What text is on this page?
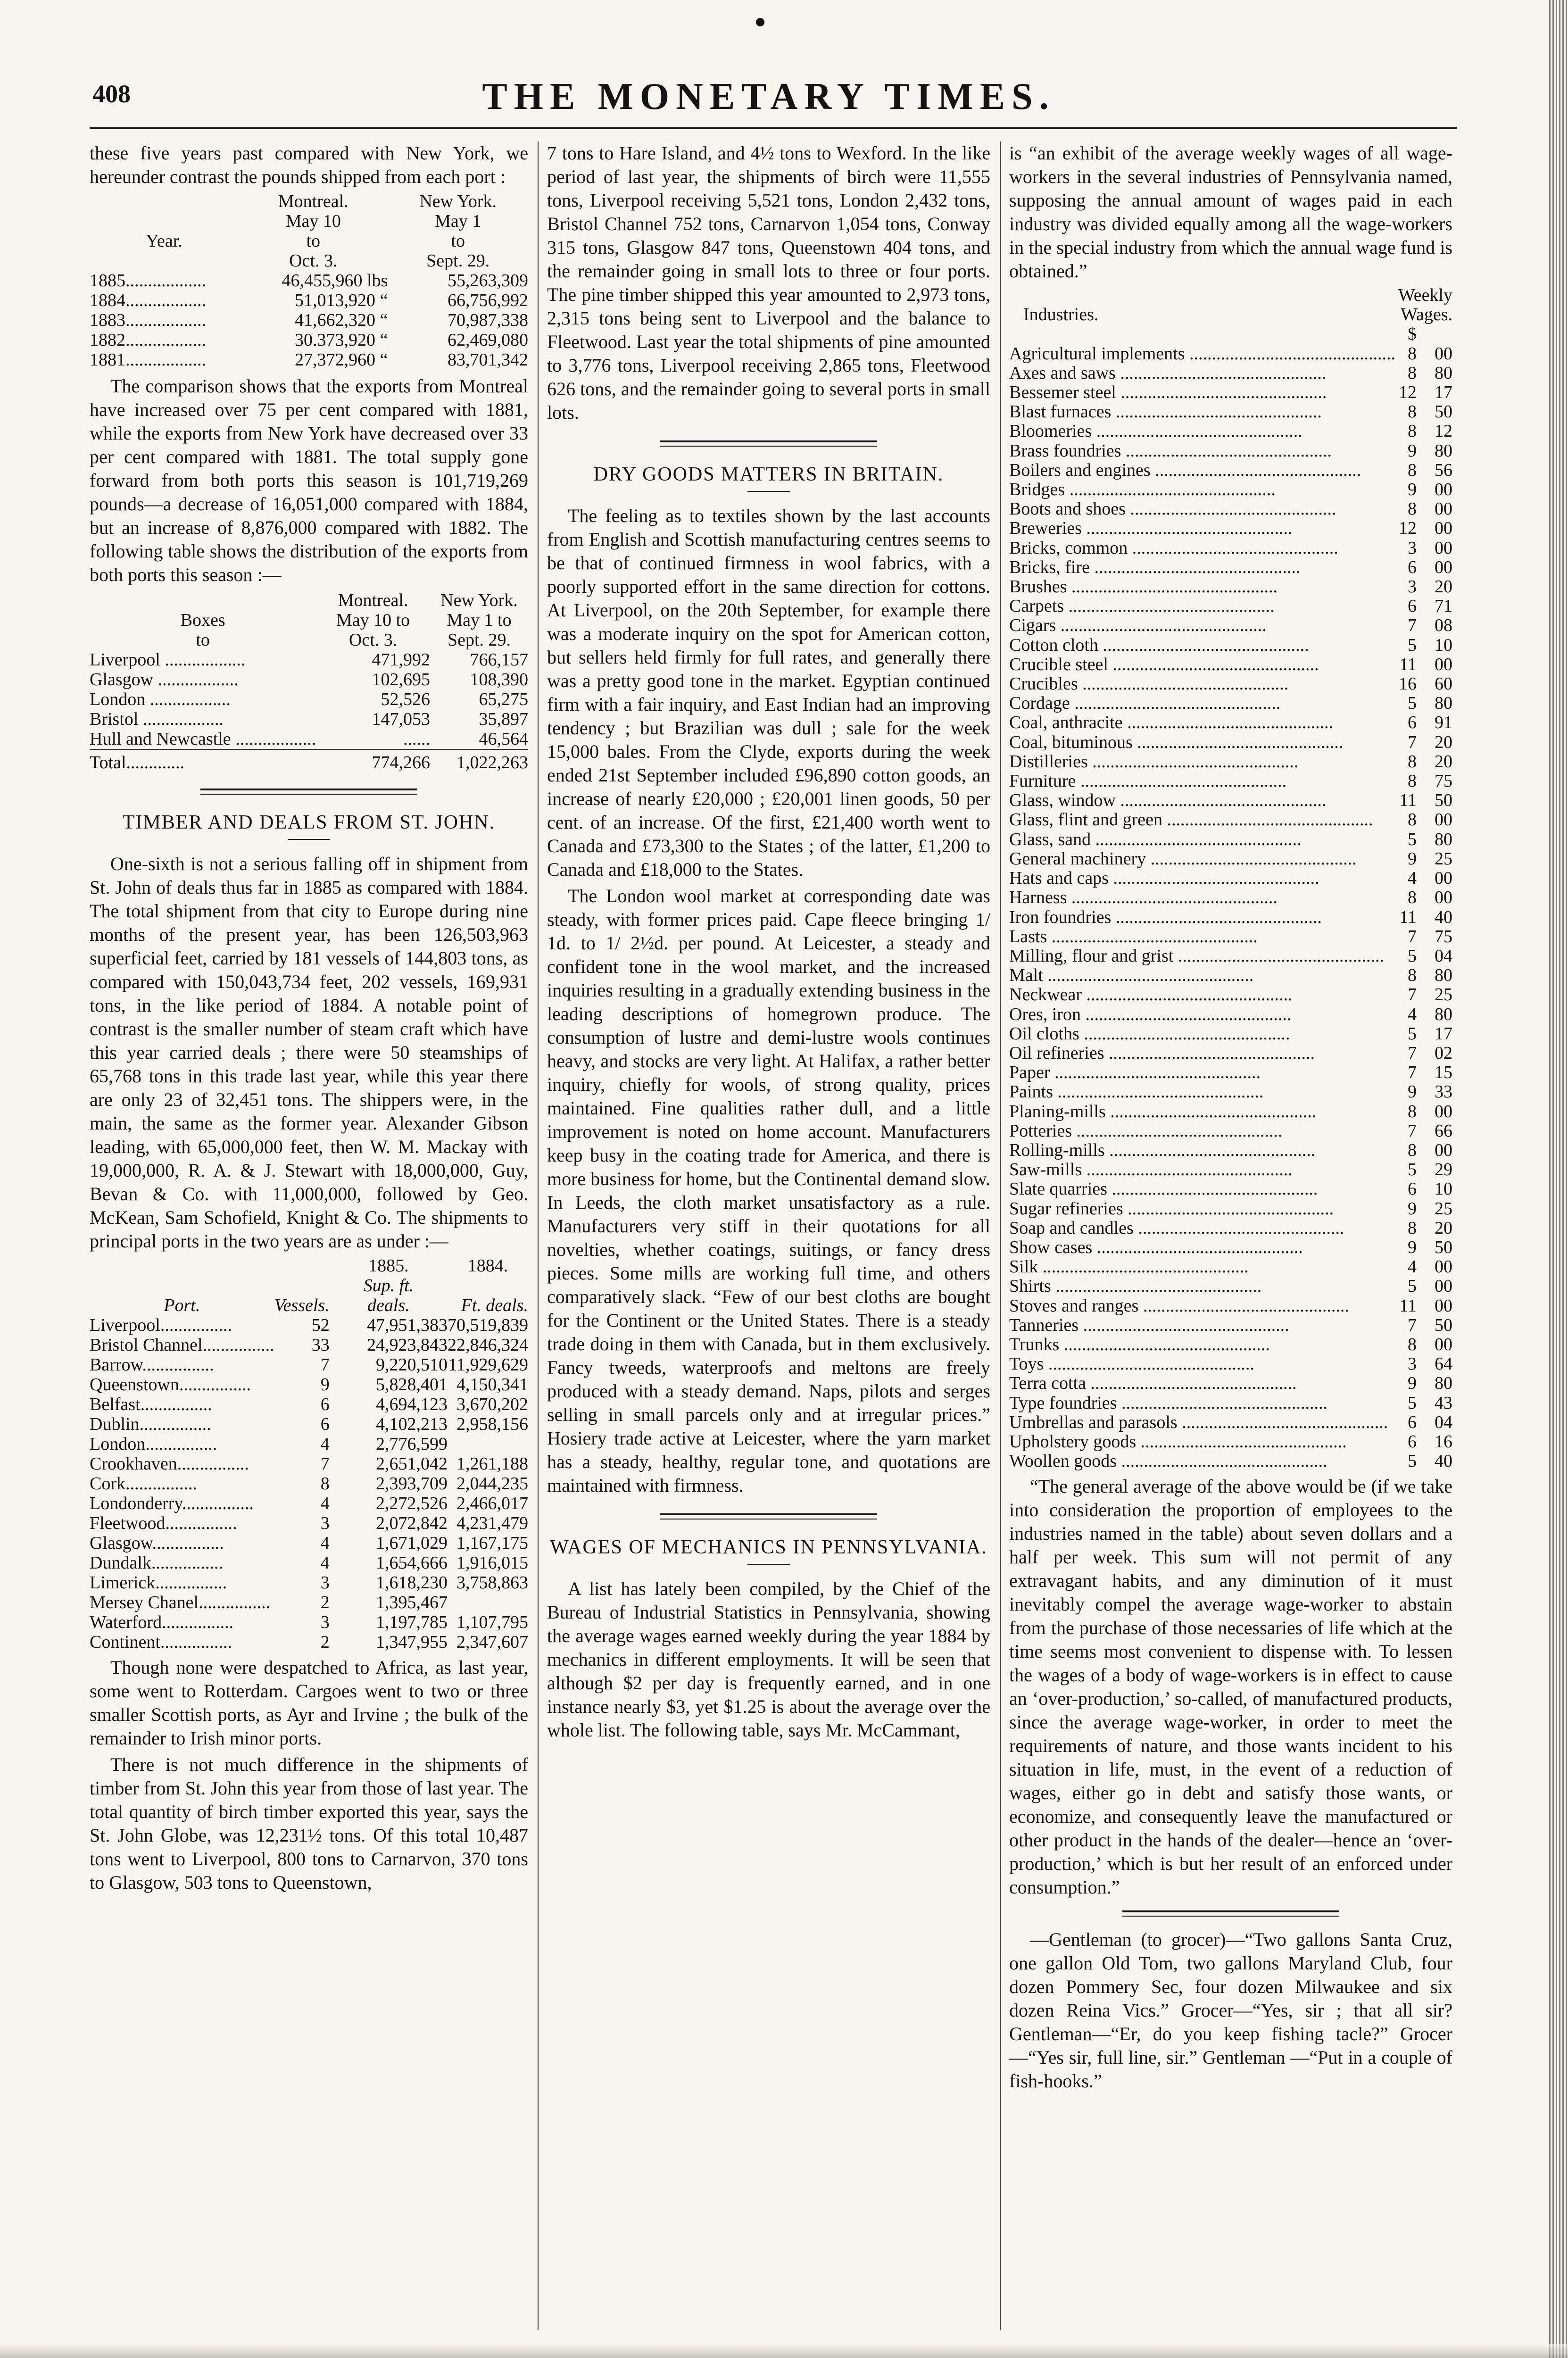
408	THE MONETARY TIMES.

these five years past compared with New York, we hereunder contrast the pounds shipped from each port :

	Montreal.	New York.
	May 10	May 1
Year.	to	to
	Oct. 3.	Sept. 29.
1885..................	46,455,960 lbs	55,263,309
1884..................	51,013,920 “	66,756,992
1883..................	41,662,320 “	70,987,338
1882..................	30.373,920 “	62,469,080
1881..................	27,372,960 “	83,701,342

The comparison shows that the exports from Montreal have increased over 75 per cent compared with 1881, while the exports from New York have decreased over 33 per cent compared with 1881. The total supply gone forward from both ports this season is 101,719,269 pounds—a decrease of 16,051,000 compared with 1884, but an increase of 8,876,000 compared with 1882. The following table shows the distribution of the exports from both ports this season :—

	Montreal.	New York.
Boxes	May 10 to	May 1 to
to	Oct. 3.	Sept. 29.
Liverpool ..................	471,992	766,157
Glasgow ..................	102,695	108,390
London ..................	52,526	65,275
Bristol ..................	147,053	35,897
Hull and Newcastle ..................	......	46,564

Total.............	774,266	1,022,263
TIMBER AND DEALS FROM ST. JOHN.

One-sixth is not a serious falling off in shipment from St. John of deals thus far in 1885 as compared with 1884. The total shipment from that city to Europe during nine months of the present year, has been 126,503,963 superficial feet, carried by 181 vessels of 144,803 tons, as compared with 150,043,734 feet, 202 vessels, 169,931 tons, in the like period of 1884. A notable point of contrast is the smaller number of steam craft which have this year carried deals ; there were 50 steamships of 65,768 tons in this trade last year, while this year there are only 23 of 32,451 tons. The shippers were, in the main, the same as the former year. Alexander Gibson leading, with 65,000,000 feet, then W. M. Mackay with 19,000,000, R. A. & J. Stewart with 18,000,000, Guy, Bevan & Co. with 11,000,000, followed by Geo. McKean, Sam Schofield, Knight & Co. The shipments to principal ports in the two years are as under :—

		1885.	1884.
		Sup. ft.	
Port.	Vessels.	deals.	Ft. deals.
Liverpool................	52	47,951,383	70,519,839
Bristol Channel................	33	24,923,843	22,846,324
Barrow................	7	9,220,510	11,929,629
Queenstown................	9	5,828,401	4,150,341
Belfast................	6	4,694,123	3,670,202
Dublin................	6	4,102,213	2,958,156
London................	4	2,776,599	
Crookhaven................	7	2,651,042	1,261,188
Cork................	8	2,393,709	2,044,235
Londonderry................	4	2,272,526	2,466,017
Fleetwood................	3	2,072,842	4,231,479
Glasgow................	4	1,671,029	1,167,175
Dundalk................	4	1,654,666	1,916,015
Limerick................	3	1,618,230	3,758,863
Mersey Chanel................	2	1,395,467	
Waterford................	3	1,197,785	1,107,795
Continent................	2	1,347,955	2,347,607

Though none were despatched to Africa, as last year, some went to Rotterdam. Cargoes went to two or three smaller Scottish ports, as Ayr and Irvine ; the bulk of the remainder to Irish minor ports.

There is not much difference in the shipments of timber from St. John this year from those of last year. The total quantity of birch timber exported this year, says the St. John Globe, was 12,231½ tons. Of this total 10,487 tons went to Liverpool, 800 tons to Carnarvon, 370 tons to Glasgow, 503 tons to Queenstown,

7 tons to Hare Island, and 4½ tons to Wexford. In the like period of last year, the shipments of birch were 11,555 tons, Liverpool receiving 5,521 tons, London 2,432 tons, Bristol Channel 752 tons, Carnarvon 1,054 tons, Conway 315 tons, Glasgow 847 tons, Queenstown 404 tons, and the remainder going in small lots to three or four ports. The pine timber shipped this year amounted to 2,973 tons, 2,315 tons being sent to Liverpool and the balance to Fleetwood. Last year the total shipments of pine amounted to 3,776 tons, Liverpool receiving 2,865 tons, Fleetwood 626 tons, and the remainder going to several ports in small lots.

DRY GOODS MATTERS IN BRITAIN.

The feeling as to textiles shown by the last accounts from English and Scottish manufacturing centres seems to be that of continued firmness in wool fabrics, with a poorly supported effort in the same direction for cottons. At Liverpool, on the 20th September, for example there was a moderate inquiry on the spot for American cotton, but sellers held firmly for full rates, and generally there was a pretty good tone in the market. Egyptian continued firm with a fair inquiry, and East Indian had an improving tendency ; but Brazilian was dull ; sale for the week 15,000 bales. From the Clyde, exports during the week ended 21st September included £96,890 cotton goods, an increase of nearly £20,000 ; £20,001 linen goods, 50 per cent. of an increase. Of the first, £21,400 worth went to Canada and £73,300 to the States ; of the latter, £1,200 to Canada and £18,000 to the States.

The London wool market at corresponding date was steady, with former prices paid. Cape fleece bringing 1/ 1d. to 1/ 2½d. per pound. At Leicester, a steady and confident tone in the wool market, and the increased inquiries resulting in a gradually extending business in the leading descriptions of homegrown produce. The consumption of lustre and demi-lustre wools continues heavy, and stocks are very light. At Halifax, a rather better inquiry, chiefly for wools, of strong quality, prices maintained. Fine qualities rather dull, and a little improvement is noted on home account. Manufacturers keep busy in the coating trade for America, and there is more business for home, but the Continental demand slow. In Leeds, the cloth market unsatisfactory as a rule. Manufacturers very stiff in their quotations for all novelties, whether coatings, suitings, or fancy dress pieces. Some mills are working full time, and others comparatively slack. “Few of our best cloths are bought for the Continent or the United States. There is a steady trade doing in them with Canada, but in them exclusively. Fancy tweeds, waterproofs and meltons are freely produced with a steady demand. Naps, pilots and serges selling in small parcels only and at irregular prices.” Hosiery trade active at Leicester, where the yarn market has a steady, healthy, regular tone, and quotations are maintained with firmness.

WAGES OF MECHANICS IN PENNSYLVANIA.

A list has lately been compiled, by the Chief of the Bureau of Industrial Statistics in Pennsylvania, showing the average wages earned weekly during the year 1884 by mechanics in different employments. It will be seen that although $2 per day is frequently earned, and in one instance nearly $3, yet $1.25 is about the average over the whole list. The following table, says Mr. McCammant,

is “an exhibit of the average weekly wages of all wage-workers in the several industries of Pennsylvania named, supposing the annual amount of wages paid in each industry was divided equally among all the wage-workers in the special industry from which the annual wage fund is obtained.”

Industries.	Weekly Wages.	
Agricultural implements ..............................................	$ 8	00
Axes and saws ..............................................	8	80
Bessemer steel ..............................................	12	17
Blast furnaces ..............................................	8	50
Bloomeries ..............................................	8	12
Brass foundries ..............................................	9	80
Boilers and engines ..............................................	8	56
Bridges ..............................................	9	00
Boots and shoes ..............................................	8	00
Breweries ..............................................	12	00
Bricks, common ..............................................	3	00
Bricks, fire ..............................................	6	00
Brushes ..............................................	3	20
Carpets ..............................................	6	71
Cigars ..............................................	7	08
Cotton cloth ..............................................	5	10
Crucible steel ..............................................	11	00
Crucibles ..............................................	16	60
Cordage ..............................................	5	80
Coal, anthracite ..............................................	6	91
Coal, bituminous ..............................................	7	20
Distilleries ..............................................	8	20
Furniture ..............................................	8	75
Glass, window ..............................................	11	50
Glass, flint and green ..............................................	8	00
Glass, sand ..............................................	5	80
General machinery ..............................................	9	25
Hats and caps ..............................................	4	00
Harness ..............................................	8	00
Iron foundries ..............................................	11	40
Lasts ..............................................	7	75
Milling, flour and grist ..............................................	5	04
Malt ..............................................	8	80
Neckwear ..............................................	7	25
Ores, iron ..............................................	4	80
Oil cloths ..............................................	5	17
Oil refineries ..............................................	7	02
Paper ..............................................	7	15
Paints ..............................................	9	33
Planing-mills ..............................................	8	00
Potteries ..............................................	7	66
Rolling-mills ..............................................	8	00
Saw-mills ..............................................	5	29
Slate quarries ..............................................	6	10
Sugar refineries ..............................................	9	25
Soap and candles ..............................................	8	20
Show cases ..............................................	9	50
Silk ..............................................	4	00
Shirts ..............................................	5	00
Stoves and ranges ..............................................	11	00
Tanneries ..............................................	7	50
Trunks ..............................................	8	00
Toys ..............................................	3	64
Terra cotta ..............................................	9	80
Type foundries ..............................................	5	43
Umbrellas and parasols ..............................................	6	04
Upholstery goods ..............................................	6	16
Woollen goods ..............................................	5	40

“The general average of the above would be (if we take into consideration the proportion of employees to the industries named in the table) about seven dollars and a half per week. This sum will not permit of any extravagant habits, and any diminution of it must inevitably compel the average wage-worker to abstain from the purchase of those necessaries of life which at the time seems most convenient to dispense with. To lessen the wages of a body of wage-workers is in effect to cause an ‘over-production,’ so-called, of manufactured products, since the average wage-worker, in order to meet the requirements of nature, and those wants incident to his situation in life, must, in the event of a reduction of wages, either go in debt and satisfy those wants, or economize, and consequently leave the manufactured or other product in the hands of the dealer—hence an ‘over-production,’ which is but her result of an enforced under consumption.”

—Gentleman (to grocer)—“Two gallons Santa Cruz, one gallon Old Tom, two gallons Maryland Club, four dozen Pommery Sec, four dozen Milwaukee and six dozen Reina Vics.” Grocer—“Yes, sir ; that all sir? Gentleman—“Er, do you keep fishing tacle?” Grocer—“Yes sir, full line, sir.” Gentleman —“Put in a couple of fish-hooks.”
